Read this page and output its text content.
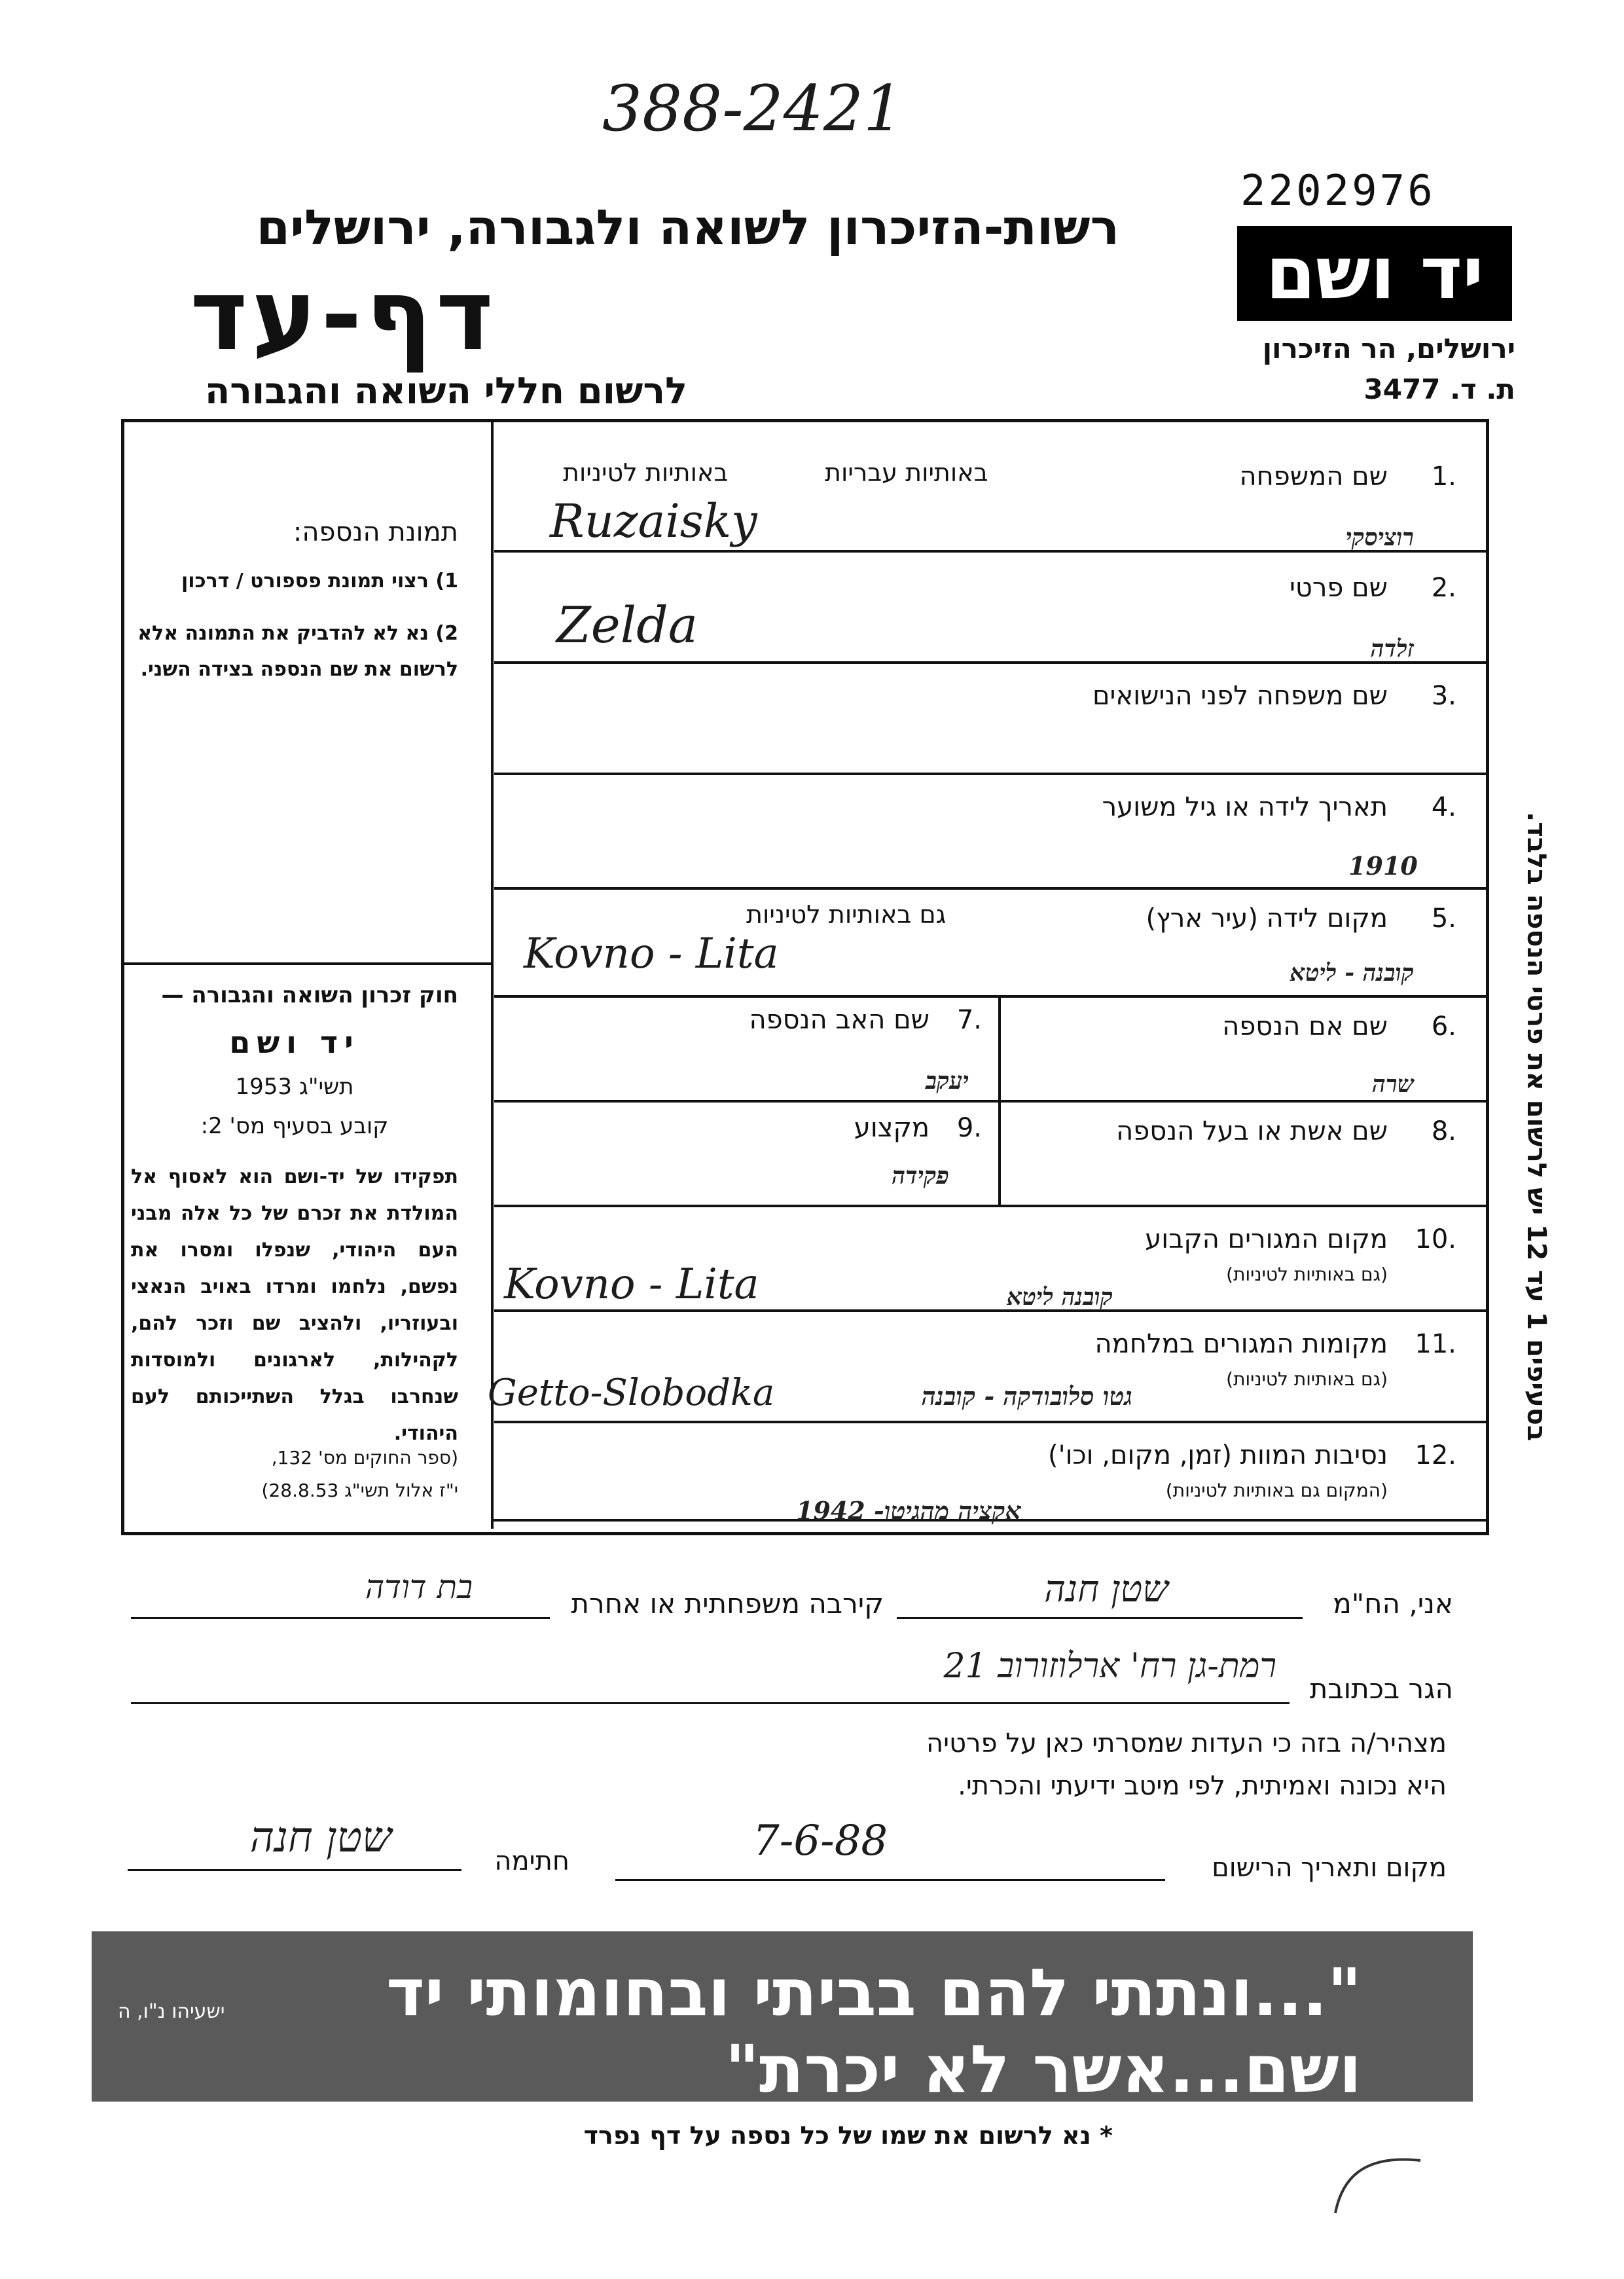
388-2421
2202976
רשות-הזיכרון לשואה ולגבורה, ירושלים
דף-עד
לרשום חללי השואה והגבורה
יד ושם
ירושלים, הר הזיכרון
ת. ד. 3477
שם המשפחה	.1
באותיות עבריות
באותיות לטיניות
Ruzaisky	רוציסקי
שם פרטי	.2
Zelda	זלדה
שם משפחה לפני הנישואים	.3
תאריך לידה או גיל משוער	.4
1910
מקום לידה (עיר ארץ)	.5
גם באותיות לטיניות
Kovno - Lita	קובנה - ליטא
שם אם הנספה	.6
שרה
שם האב הנספה	.7
יעקב
שם אשת או בעל הנספה	.8
מקצוע	.9
פקידה
מקום המגורים הקבוע	.10
(גם באותיות לטיניות)
Kovno - Lita	קובנה ליטא
מקומות המגורים במלחמה	.11
(גם באותיות לטיניות)
Getto-Slobodka	גטו סלובודקה - קובנה
נסיבות המוות (זמן, מקום, וכו')	.12
(המקום גם באותיות לטיניות)
אקציה מהגיטו- 1942
תמונת הנספה:
1) רצוי תמונת פספורט / דרכון
2) נא לא להדביק את התמונה אלא לרשום את שם הנספה בצידה השני.
חוק זכרון השואה והגבורה —
יד ושם
תשי"ג 1953
קובע בסעיף מס' 2:
תפקידו של יד-ושם הוא לאסוף אל המולדת את זכרם של כל אלה מבני העם היהודי, שנפלו ומסרו את נפשם, נלחמו ומרדו באויב הנאצי ובעוזריו, ולהציב שם וזכר להם, לקהילות, לארגונים ולמוסדות שנחרבו בגלל השתייכותם לעם היהודי.
(ספר החוקים מס' 132,
י"ז אלול תשי"ג 28.8.53)
בסעיפים 1 עד 12 יש לרשום את פרטי הנספה בלבד.
אני, הח"מ
שטן חנה
קירבה משפחתית או אחרת
בת דודה
הגר בכתובת
רמת-גן רח' ארלוזורוב 21
מצהיר/ה בזה כי העדות שמסרתי כאן על פרטיה
היא נכונה ואמיתית, לפי מיטב ידיעתי והכרתי.
מקום ותאריך הרישום
7-6-88
חתימה
שטן חנה
"...ונתתי להם בביתי ובחומותי יד ושם...אשר לא יכרת"
ישעיהו נ"ו, ה
* נא לרשום את שמו של כל נספה על דף נפרד
